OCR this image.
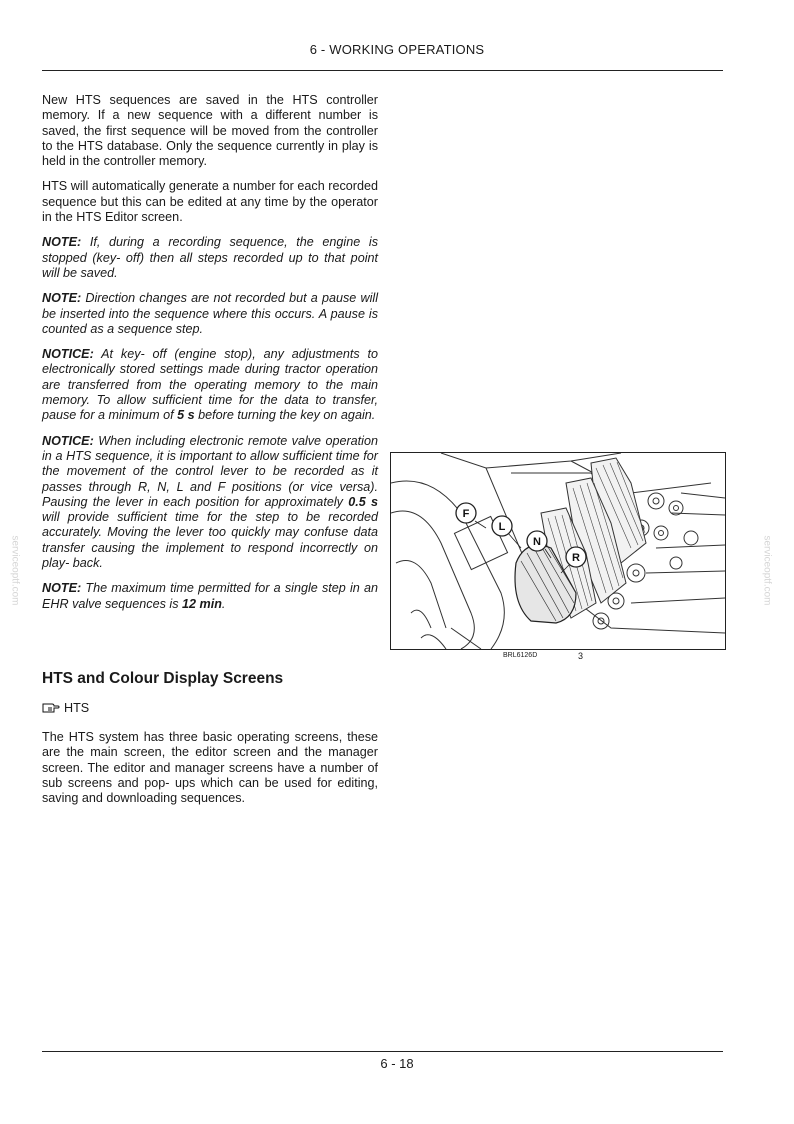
6 - WORKING OPERATIONS

New HTS sequences are saved in the HTS controller memory. If a new sequence with a different number is saved, the first sequence will be moved from the controller to the HTS database. Only the sequence currently in play is held in the controller memory.

HTS will automatically generate a number for each recorded sequence but this can be edited at any time by the operator in the HTS Editor screen.

NOTE: If, during a recording sequence, the engine is stopped (key- off) then all steps recorded up to that point will be saved.

NOTE: Direction changes are not recorded but a pause will be inserted into the sequence where this occurs. A pause is counted as a sequence step.

NOTICE: At key- off (engine stop), any adjustments to electronically stored settings made during tractor operation are transferred from the operating memory to the main memory. To allow sufficient time for the data to transfer, pause for a minimum of 5 s before turning the key on again.

NOTICE: When including electronic remote valve operation in a HTS sequence, it is important to allow sufficient time for the movement of the control lever to be recorded as it passes through R, N, L and F positions (or vice versa). Pausing the lever in each position for approximately 0.5 s will provide sufficient time for the step to be recorded accurately. Moving the lever too quickly may confuse data transfer causing the implement to respond incorrectly on play- back.

NOTE: The maximum time permitted for a single step in an EHR valve sequences is 12 min.

F
L
N
R
BRL6126D	3
HTS and Colour Display Screens
HTS
The HTS system has three basic operating screens, these are the main screen, the editor screen and the manager screen. The editor and manager screens have a number of sub screens and pop- ups which can be used for editing, saving and downloading sequences.
serviceoptf.com	serviceoptf.com
6 - 18
